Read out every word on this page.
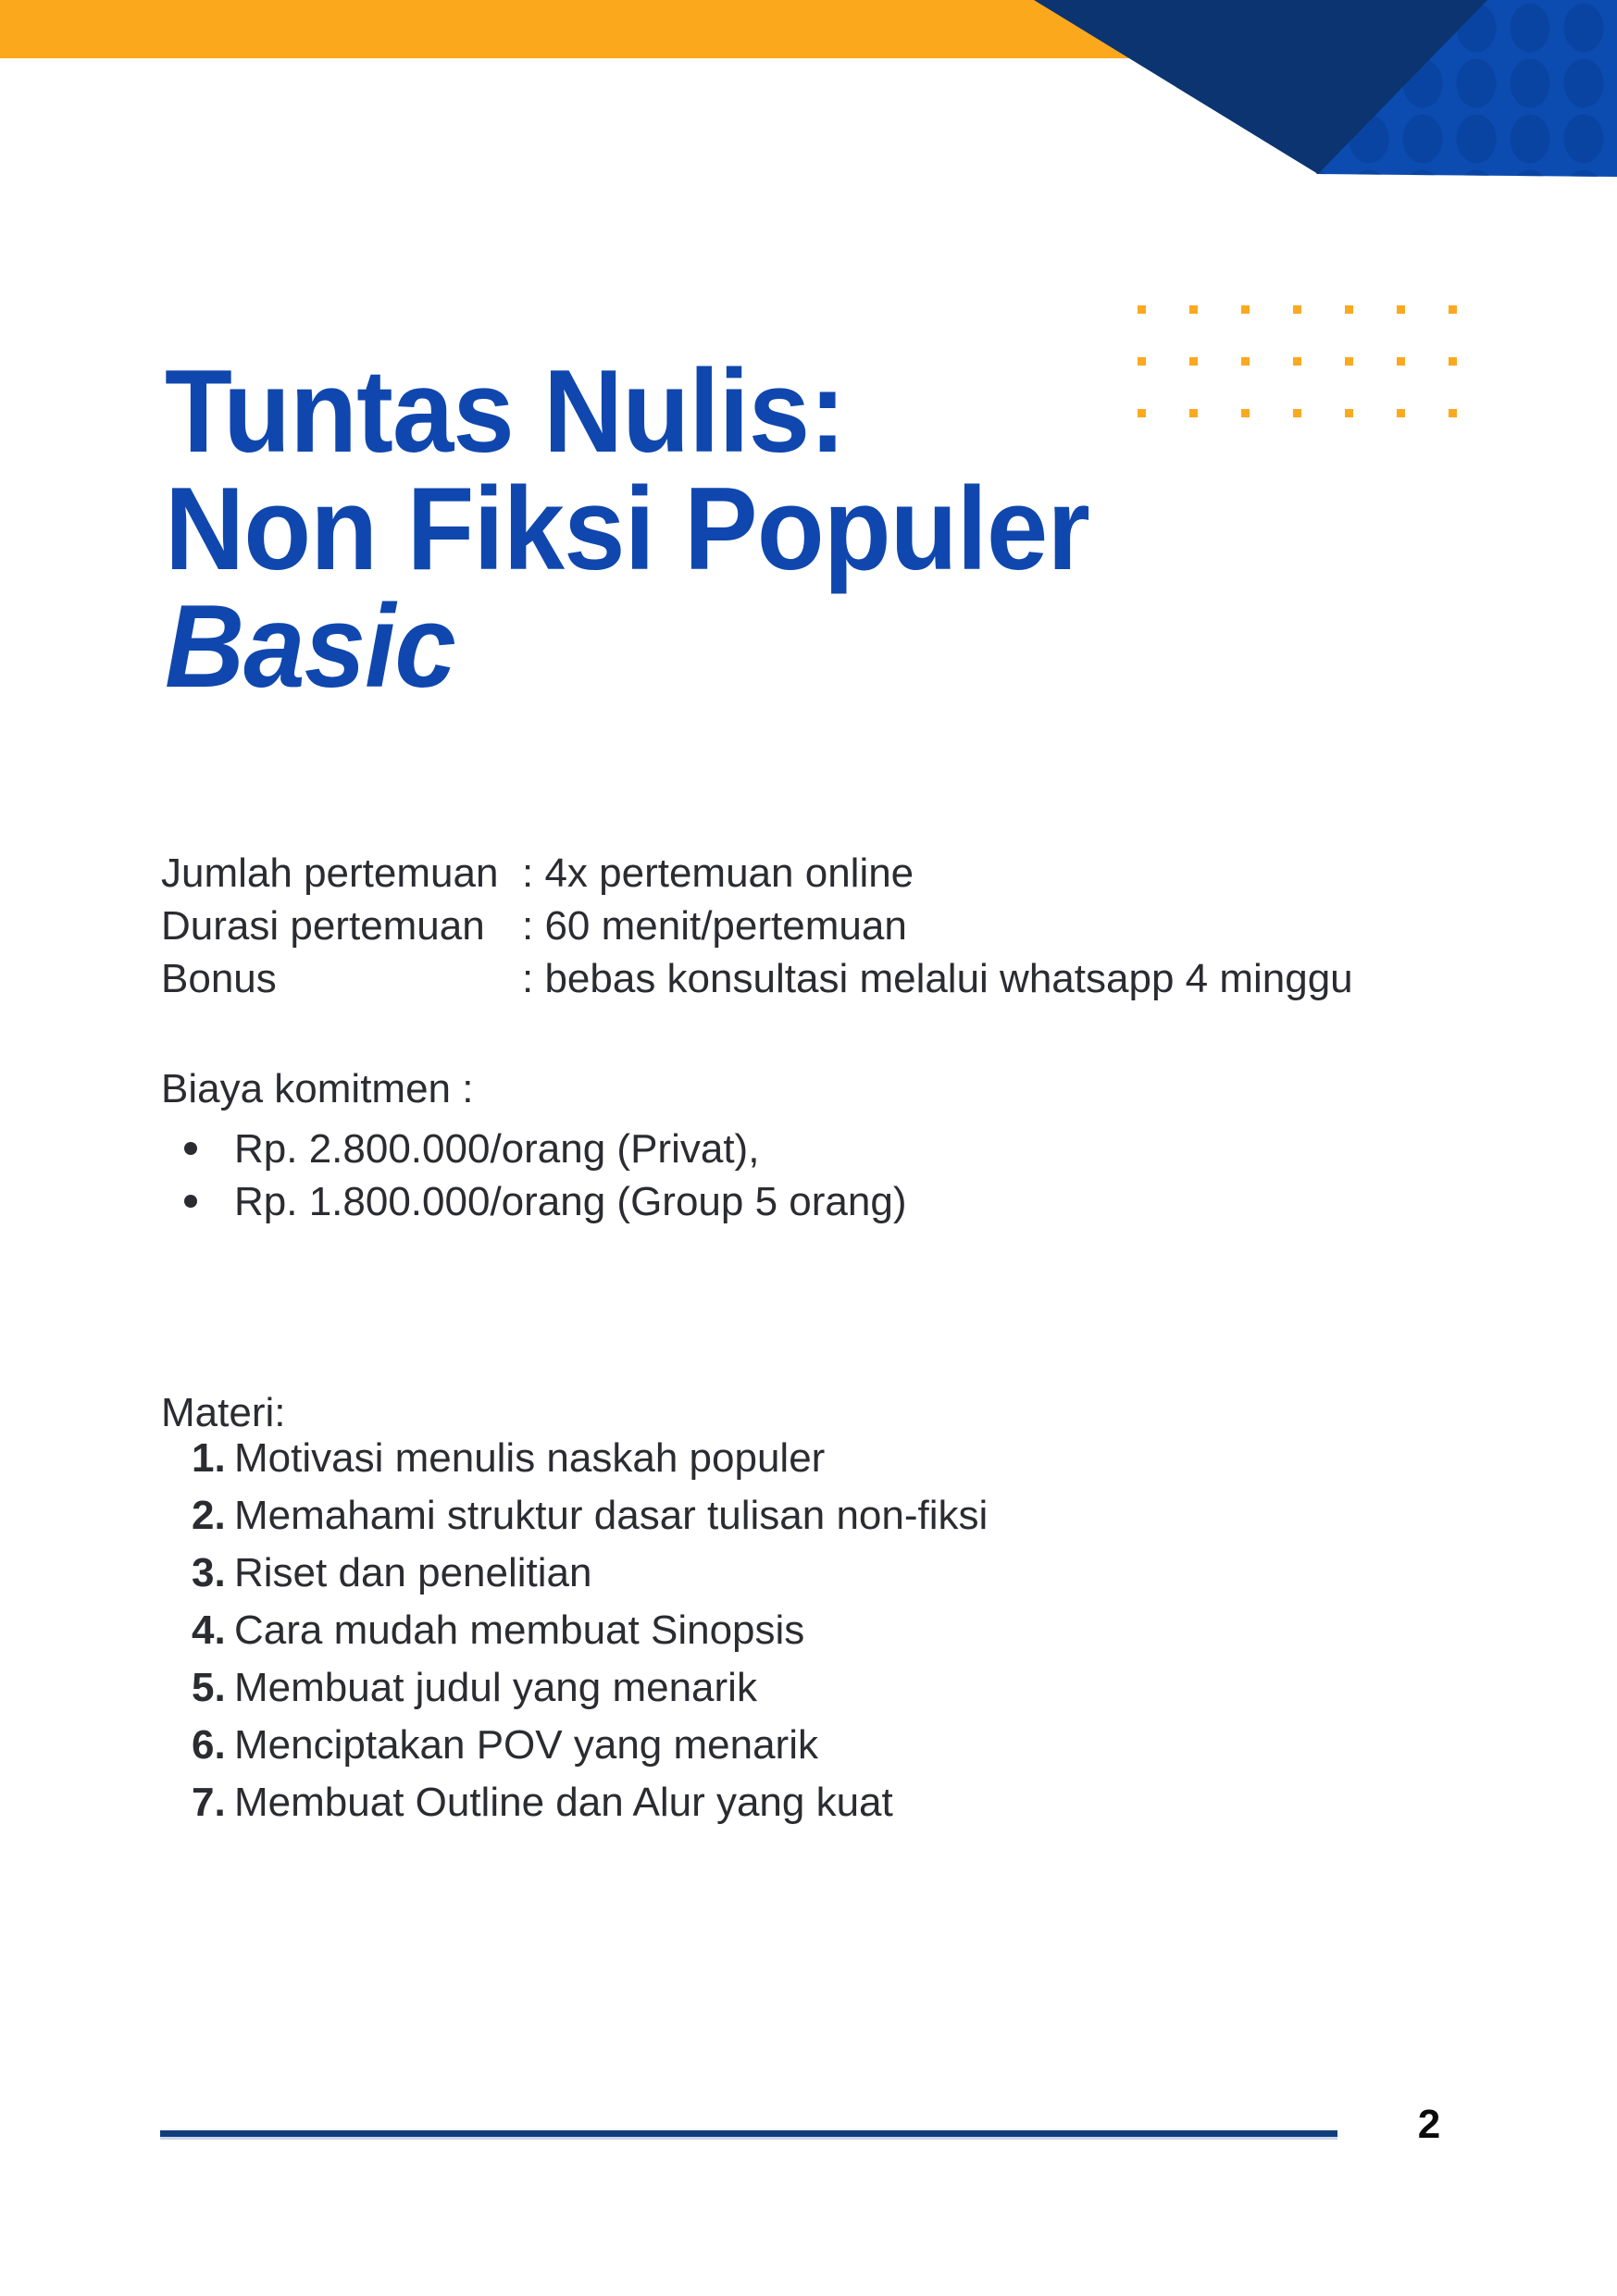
Tuntas Nulis:
Non Fiksi Populer
Basic
Jumlah pertemuan : 4x pertemuan online
Durasi pertemuan : 60 menit/pertemuan
Bonus	: bebas konsultasi melalui whatsapp 4 minggu
Biaya komitmen :
Rp. 2.800.000/orang (Privat),
Rp. 1.800.000/orang (Group 5 orang)
Materi:
1. Motivasi menulis naskah populer
2. Memahami struktur dasar tulisan non-fiksi
3. Riset dan penelitian
4. Cara mudah membuat Sinopsis
5. Membuat judul yang menarik
6. Menciptakan POV yang menarik
7. Membuat Outline dan Alur yang kuat
2
